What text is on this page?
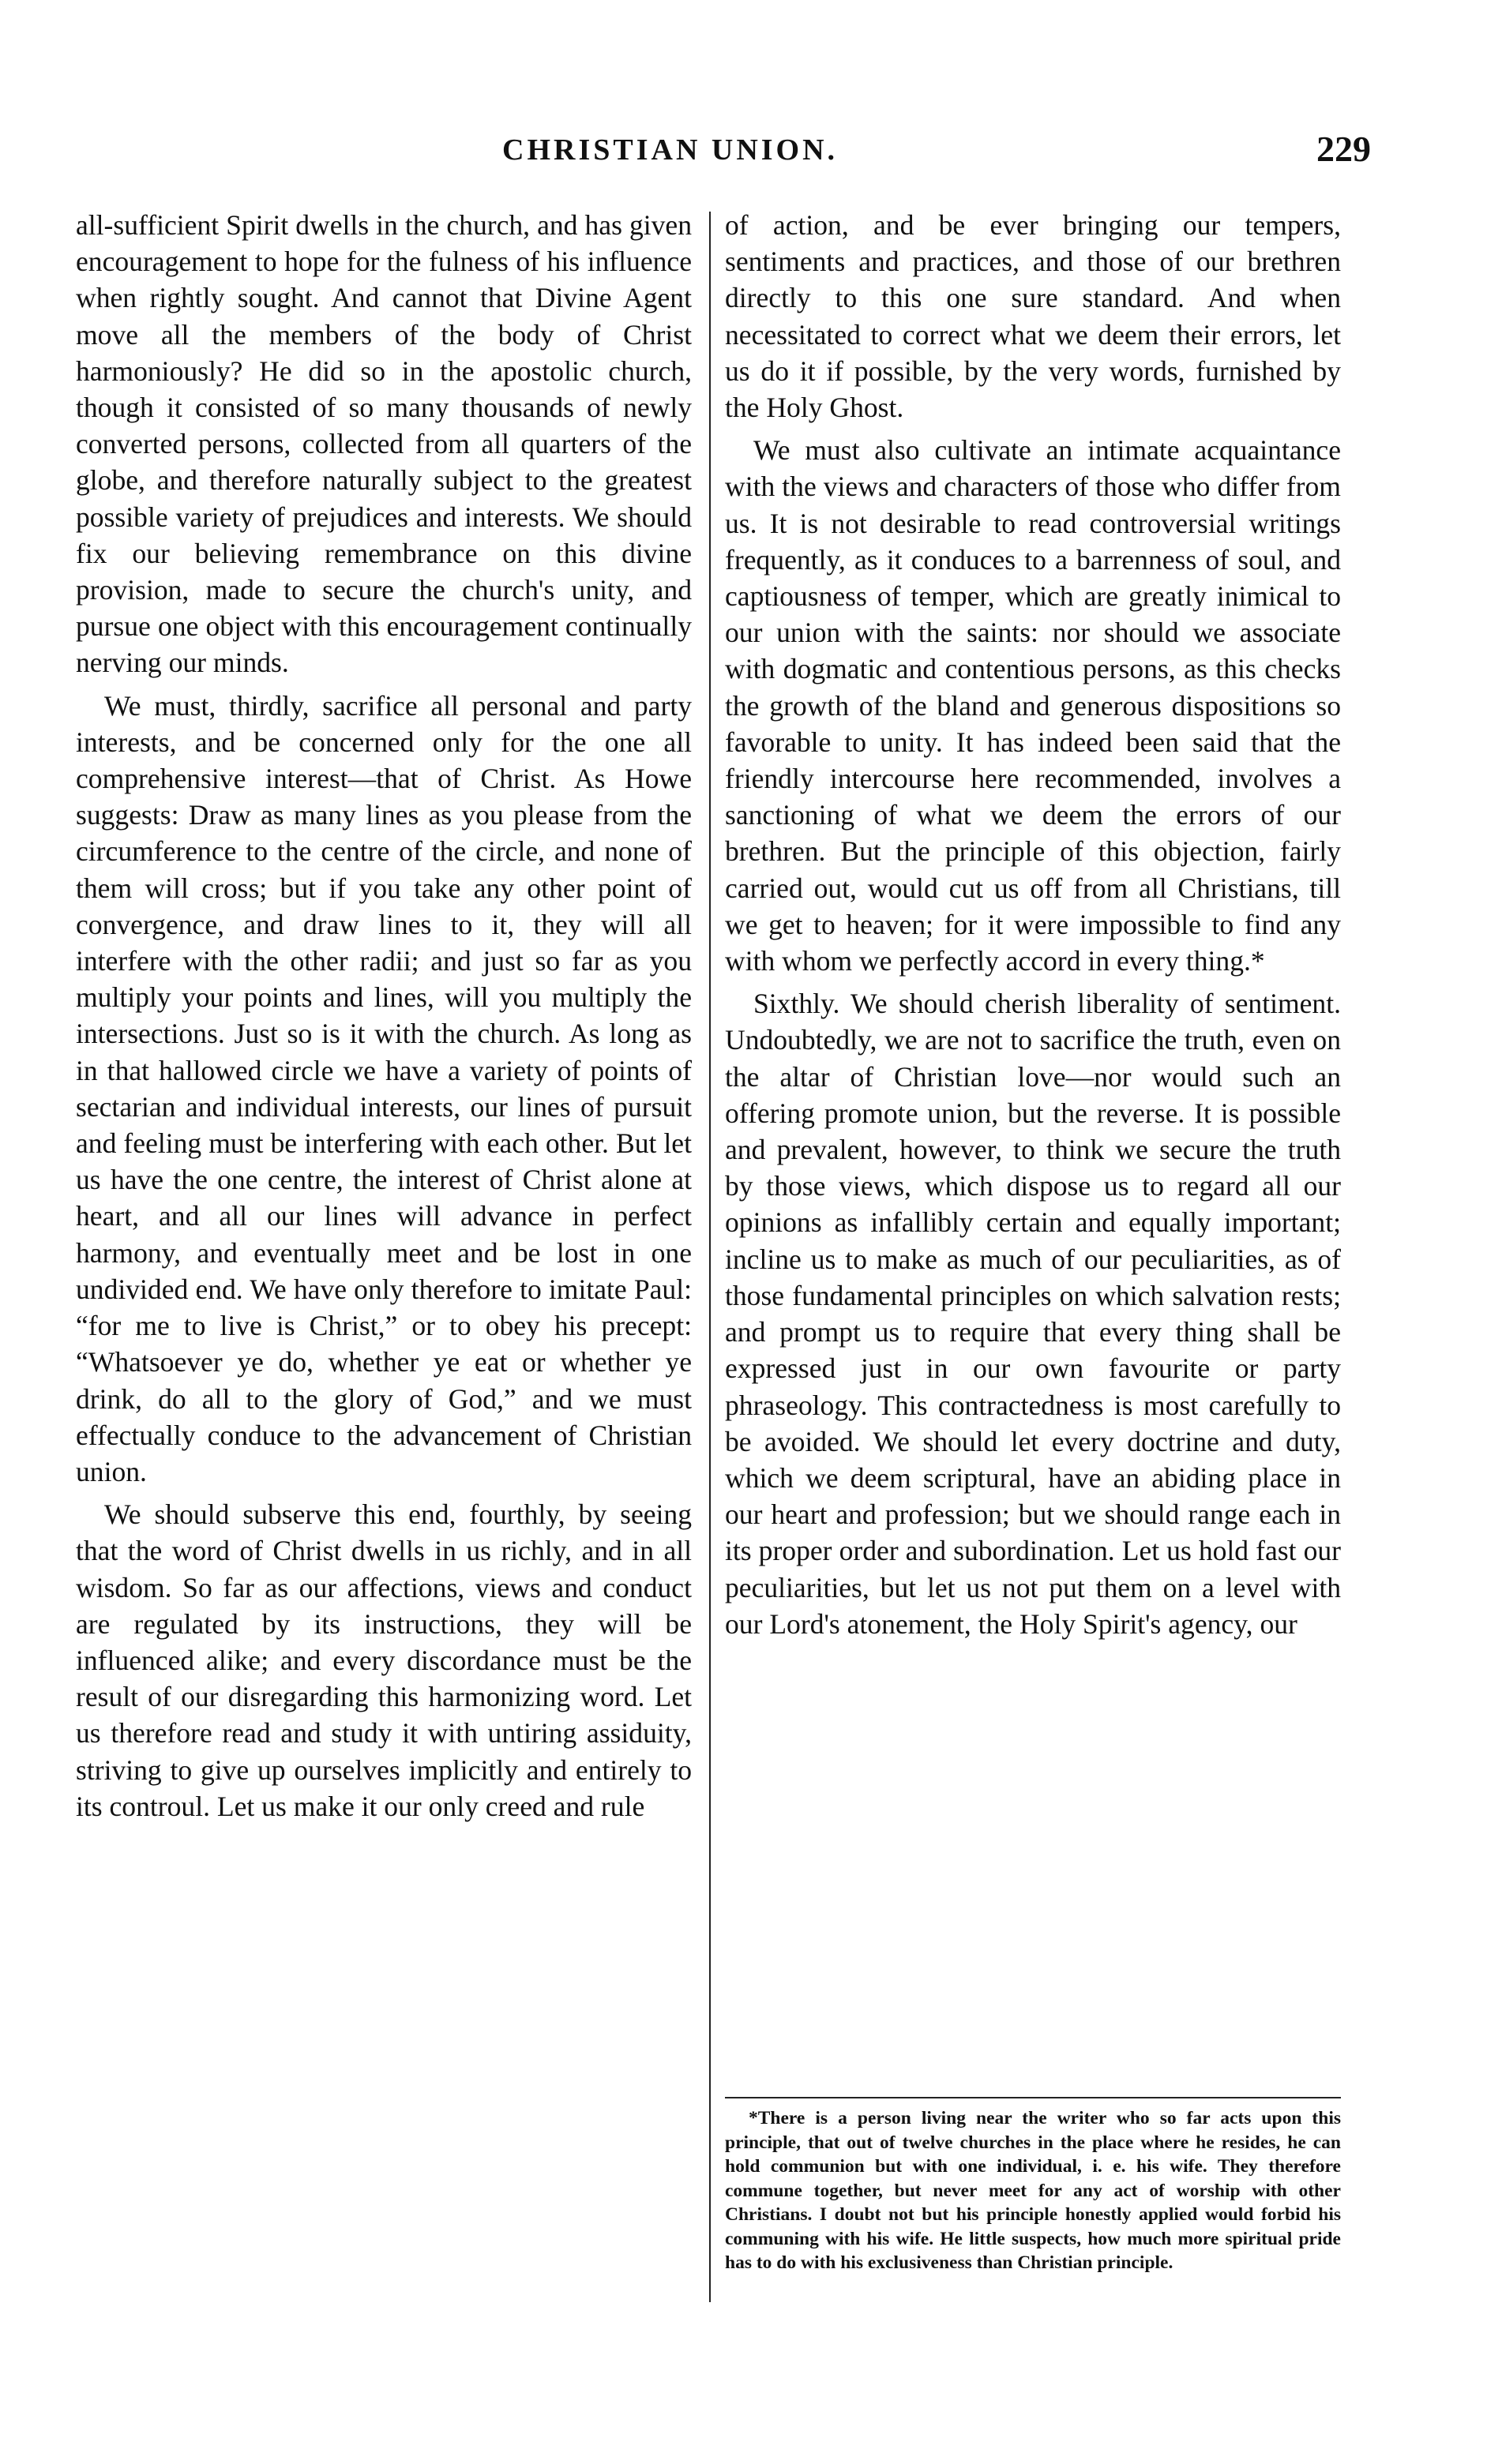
CHRISTIAN UNION.	229

all-sufficient Spirit dwells in the church, and has given encouragement to hope for the fulness of his influence when rightly sought. And cannot that Divine Agent move all the members of the body of Christ harmoniously? He did so in the apostolic church, though it consisted of so many thousands of newly converted persons, collected from all quarters of the globe, and therefore naturally subject to the greatest possible variety of prejudices and interests. We should fix our believing remembrance on this divine provision, made to secure the church's unity, and pursue one object with this encouragement continually nerving our minds.

We must, thirdly, sacrifice all personal and party interests, and be concerned only for the one all comprehensive interest—that of Christ. As Howe suggests: Draw as many lines as you please from the circumference to the centre of the circle, and none of them will cross; but if you take any other point of convergence, and draw lines to it, they will all interfere with the other radii; and just so far as you multiply your points and lines, will you multiply the intersections. Just so is it with the church. As long as in that hallowed circle we have a variety of points of sectarian and individual interests, our lines of pursuit and feeling must be interfering with each other. But let us have the one centre, the interest of Christ alone at heart, and all our lines will advance in perfect harmony, and eventually meet and be lost in one undivided end. We have only therefore to imitate Paul: “for me to live is Christ,” or to obey his precept: “Whatsoever ye do, whether ye eat or whether ye drink, do all to the glory of God,” and we must effectually conduce to the advancement of Christian union.

We should subserve this end, fourthly, by seeing that the word of Christ dwells in us richly, and in all wisdom. So far as our affections, views and conduct are regulated by its instructions, they will be influenced alike; and every discordance must be the result of our disregarding this harmonizing word. Let us therefore read and study it with untiring assiduity, striving to give up ourselves implicitly and entirely to its controul. Let us make it our only creed and rule

of action, and be ever bringing our tempers, sentiments and practices, and those of our brethren directly to this one sure standard. And when necessitated to correct what we deem their errors, let us do it if possible, by the very words, furnished by the Holy Ghost.

We must also cultivate an intimate acquaintance with the views and characters of those who differ from us. It is not desirable to read controversial writings frequently, as it conduces to a barrenness of soul, and captiousness of temper, which are greatly inimical to our union with the saints: nor should we associate with dogmatic and contentious persons, as this checks the growth of the bland and generous dispositions so favorable to unity. It has indeed been said that the friendly intercourse here recommended, involves a sanctioning of what we deem the errors of our brethren. But the principle of this objection, fairly carried out, would cut us off from all Christians, till we get to heaven; for it were impossible to find any with whom we perfectly accord in every thing.*

Sixthly. We should cherish liberality of sentiment. Undoubtedly, we are not to sacrifice the truth, even on the altar of Christian love—nor would such an offering promote union, but the reverse. It is possible and prevalent, however, to think we secure the truth by those views, which dispose us to regard all our opinions as infallibly certain and equally important; incline us to make as much of our peculiarities, as of those fundamental principles on which salvation rests; and prompt us to require that every thing shall be expressed just in our own favourite or party phraseology. This contractedness is most carefully to be avoided. We should let every doctrine and duty, which we deem scriptural, have an abiding place in our heart and profession; but we should range each in its proper order and subordination. Let us hold fast our peculiarities, but let us not put them on a level with our Lord's atonement, the Holy Spirit's agency, our

*There is a person living near the writer who so far acts upon this principle, that out of twelve churches in the place where he resides, he can hold communion but with one individual, i. e. his wife. They therefore commune together, but never meet for any act of worship with other Christians. I doubt not but his principle honestly applied would forbid his communing with his wife. He little suspects, how much more spiritual pride has to do with his exclusiveness than Christian principle.
